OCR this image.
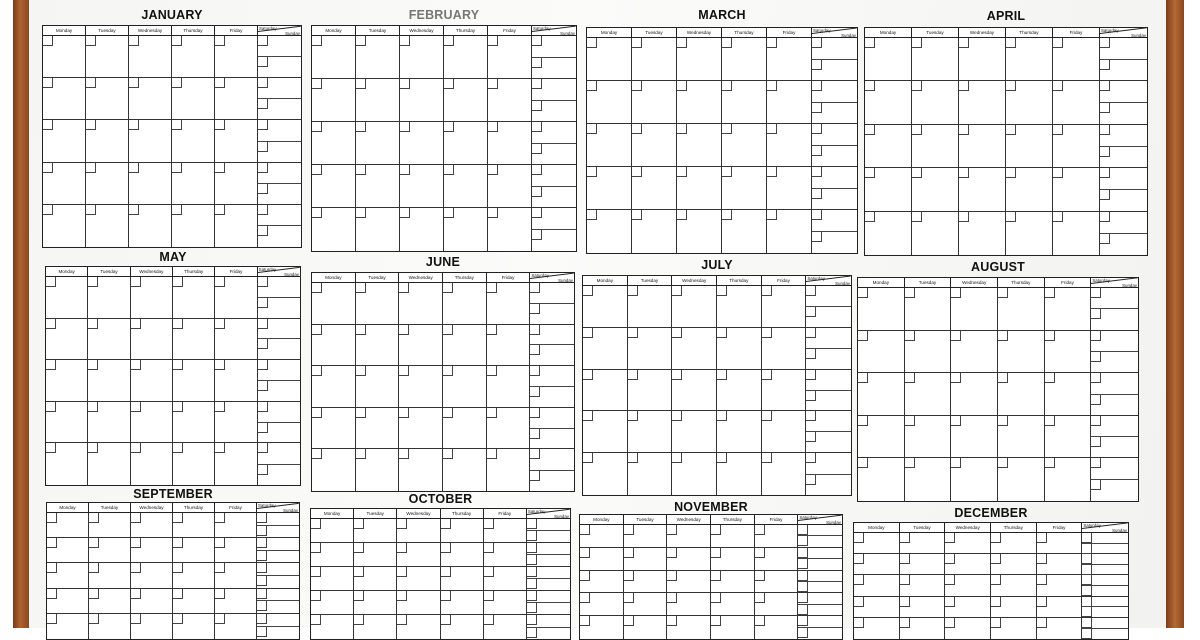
JANUARY
Monday	Tuesday	Wednesday	Thursday	Friday	Saturday
Sunday
FEBRUARY
Monday	Tuesday	Wednesday	Thursday	Friday	Saturday
Sunday
MARCH
Monday	Tuesday	Wednesday	Thursday	Friday	Saturday
Sunday
APRIL
Monday	Tuesday	Wednesday	Thursday	Friday	Saturday
Sunday
MAY
Monday	Tuesday	Wednesday	Thursday	Friday	Saturday
Sunday
JUNE
Monday	Tuesday	Wednesday	Thursday	Friday	Saturday
Sunday
JULY
Monday	Tuesday	Wednesday	Thursday	Friday	Saturday
Sunday
AUGUST
Monday	Tuesday	Wednesday	Thursday	Friday	Saturday
Sunday
SEPTEMBER
Monday	Tuesday	Wednesday	Thursday	Friday	Saturday
Sunday
OCTOBER
Monday	Tuesday	Wednesday	Thursday	Friday	Saturday
Sunday
NOVEMBER
Monday	Tuesday	Wednesday	Thursday	Friday	Saturday
Sunday
DECEMBER
Monday	Tuesday	Wednesday	Thursday	Friday	Saturday
Sunday
